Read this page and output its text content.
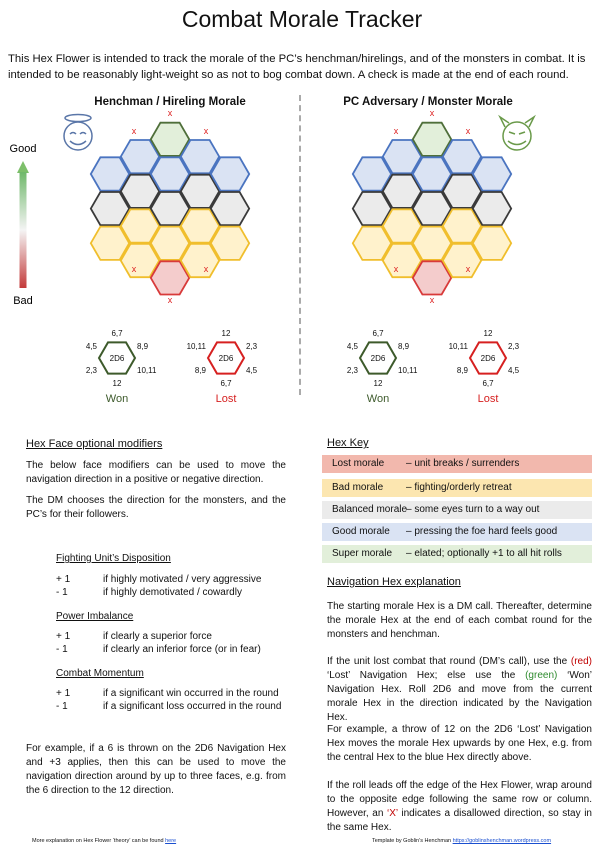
Combat Morale Tracker
This Hex Flower is intended to track the morale of the PC’s henchman/hirelings, and of the monsters in combat. It is intended to be reasonably light-weight so as not to bog combat down. A check is made at the end of each round.
Henchman / Hireling Morale	PC Adversary / Monster Morale
Good
Bad
x
x	x
x
x	x
x
x	x
x
x	x
2D6
6,7
8,9
10,11
12
2,3
4,5
Won
2D6
12
2,3
4,5
6,7
8,9
10,11
Lost
2D6
6,7
8,9
10,11
12
2,3
4,5
Won
2D6
12
2,3
4,5
6,7
8,9
10,11
Lost
Hex Face optional modifiers
The below face modifiers can be used to move the navigation direction in a positive or negative direction.
The DM chooses the direction for the monsters, and the PC’s for their followers.
Fighting Unit’s Disposition
+ 1	if highly motivated / very aggressive
- 1	if highly demotivated / cowardly
Power Imbalance
+ 1	if clearly a superior force
- 1	if clearly an inferior force (or in fear)
Combat Momentum
+ 1	if a significant win occurred in the round
- 1	if a significant loss occurred in the round
For example, if a 6 is thrown on the 2D6 Navigation Hex and +3 applies, then this can be used to move the navigation direction around by up to three faces, e.g. from the 6 direction to the 12 direction.
Hex Key
Lost morale – unit breaks / surrenders
Bad morale – fighting/orderly retreat
Balanced morale
– some eyes turn to a way out
Good morale – pressing the foe hard feels good
Super morale – elated; optionally +1 to all hit rolls
Navigation Hex explanation
The starting morale Hex is a DM call. Thereafter, determine the morale Hex at the end of each combat round for the monsters and henchman.
If the unit lost combat that round (DM’s call), use the (red) ‘Lost’ Navigation Hex; else use the (green) ‘Won’ Navigation Hex. Roll 2D6 and move from the current morale Hex in the direction indicated by the Navigation Hex.
For example, a throw of 12 on the 2D6 ‘Lost’ Navigation Hex moves the morale Hex upwards by one Hex, e.g. from the central Hex to the blue Hex directly above.
If the roll leads off the edge of the Hex Flower, wrap around to the opposite edge following the same row or column. However, an ‘X’ indicates a disallowed direction, so stay in the same Hex.
More explanation on Hex Flower ‘theory’ can be found here	Template by Goblin’s Henchman https://goblinshenchman.wordpress.com
